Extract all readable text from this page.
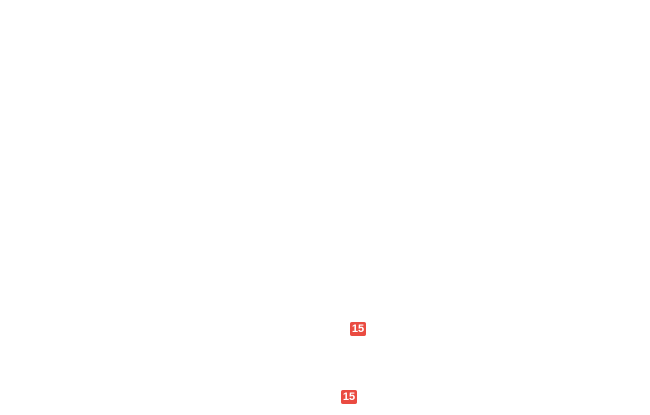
15
15
